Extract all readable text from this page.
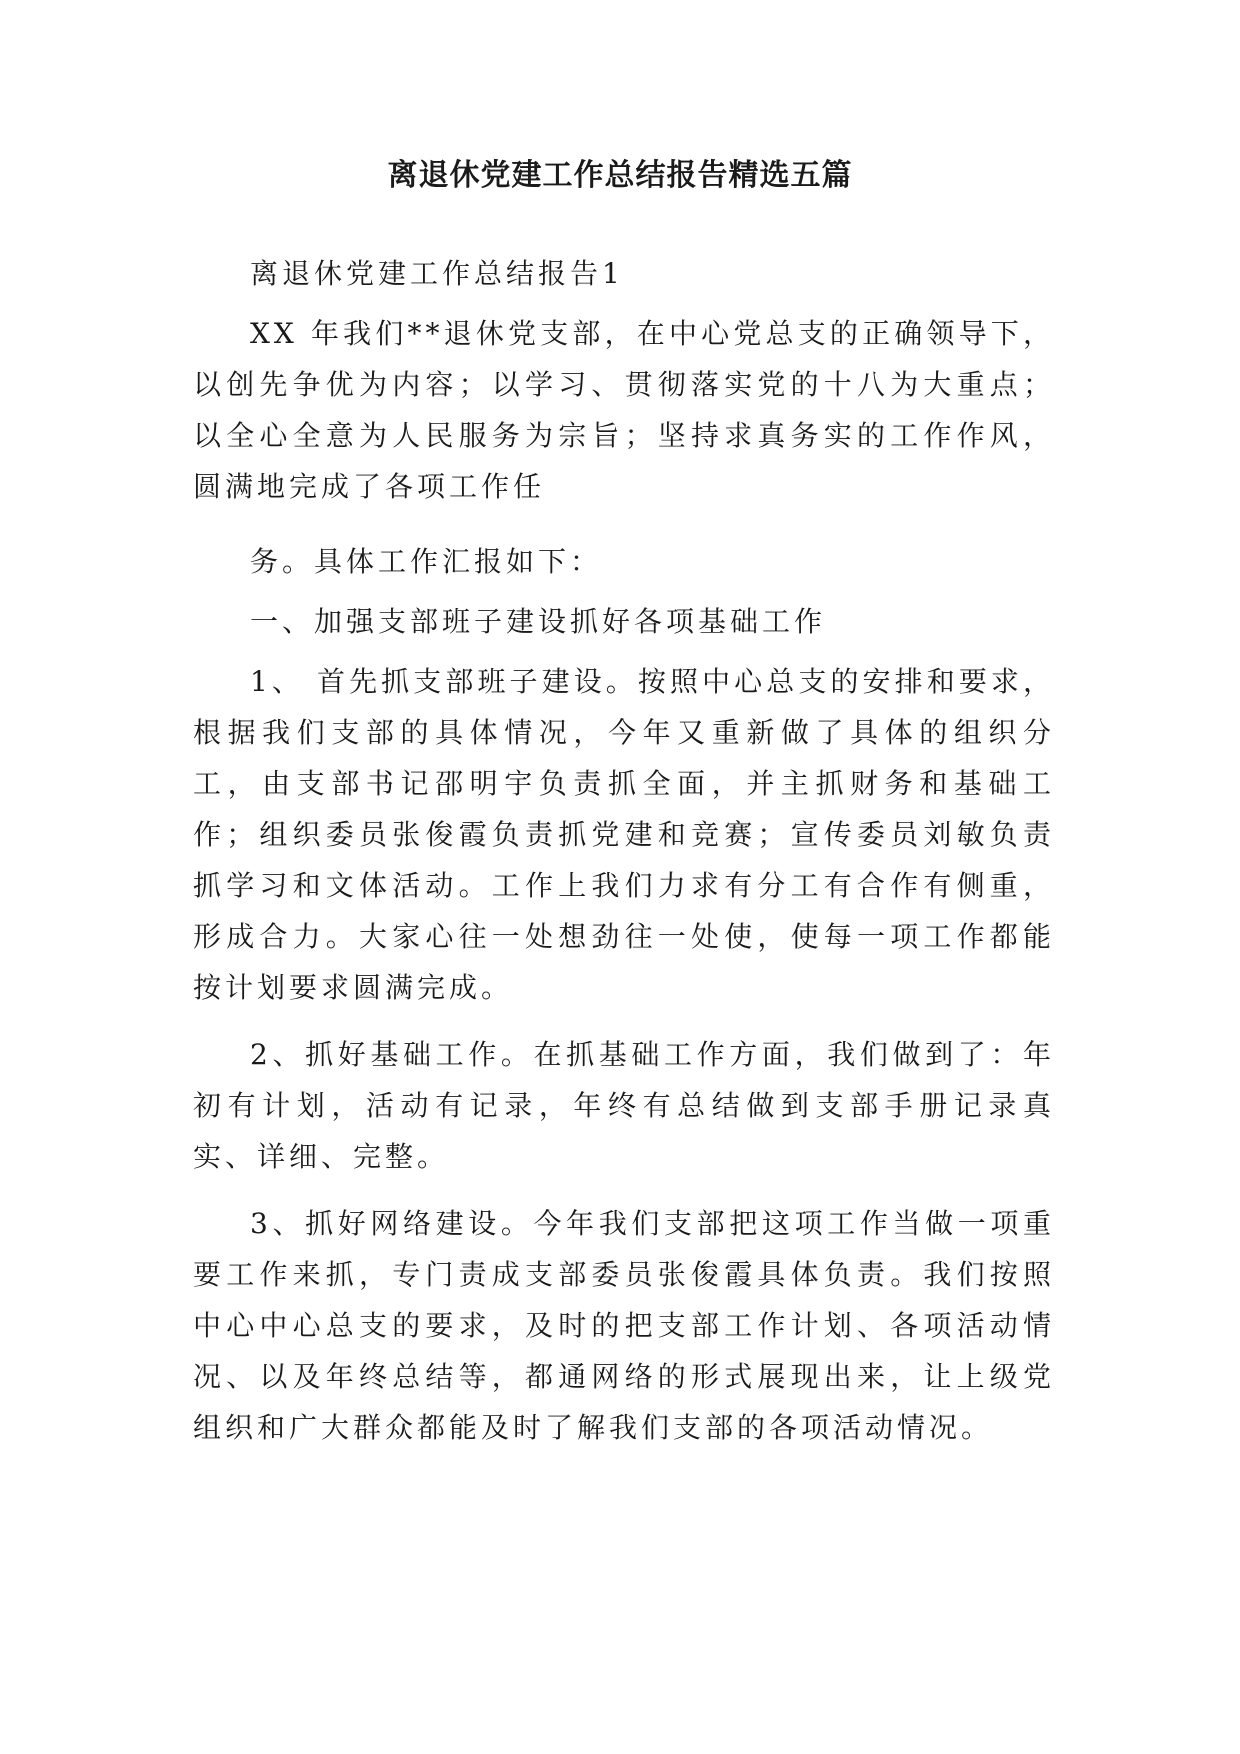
离退休党建工作总结报告精选五篇

离退休党建工作总结报告1

XX 年我们**退休党支部，在中心党总支的正确领导下，以创先争优为内容；以学习、贯彻落实党的十八为大重点；以全心全意为人民服务为宗旨；坚持求真务实的工作作风，圆满地完成了各项工作任

务。具体工作汇报如下：

一、加强支部班子建设抓好各项基础工作

1、 首先抓支部班子建设。按照中心总支的安排和要求，根据我们支部的具体情况，今年又重新做了具体的组织分工，由支部书记邵明宇负责抓全面，并主抓财务和基础工作；组织委员张俊霞负责抓党建和竞赛；宣传委员刘敏负责抓学习和文体活动。工作上我们力求有分工有合作有侧重，形成合力。大家心往一处想劲往一处使，使每一项工作都能按计划要求圆满完成。

2、抓好基础工作。在抓基础工作方面，我们做到了：年初有计划，活动有记录，年终有总结做到支部手册记录真实、详细、完整。

3、抓好网络建设。今年我们支部把这项工作当做一项重要工作来抓，专门责成支部委员张俊霞具体负责。我们按照中心中心总支的要求，及时的把支部工作计划、各项活动情况、以及年终总结等，都通网络的形式展现出来，让上级党组织和广大群众都能及时了解我们支部的各项活动情况。
